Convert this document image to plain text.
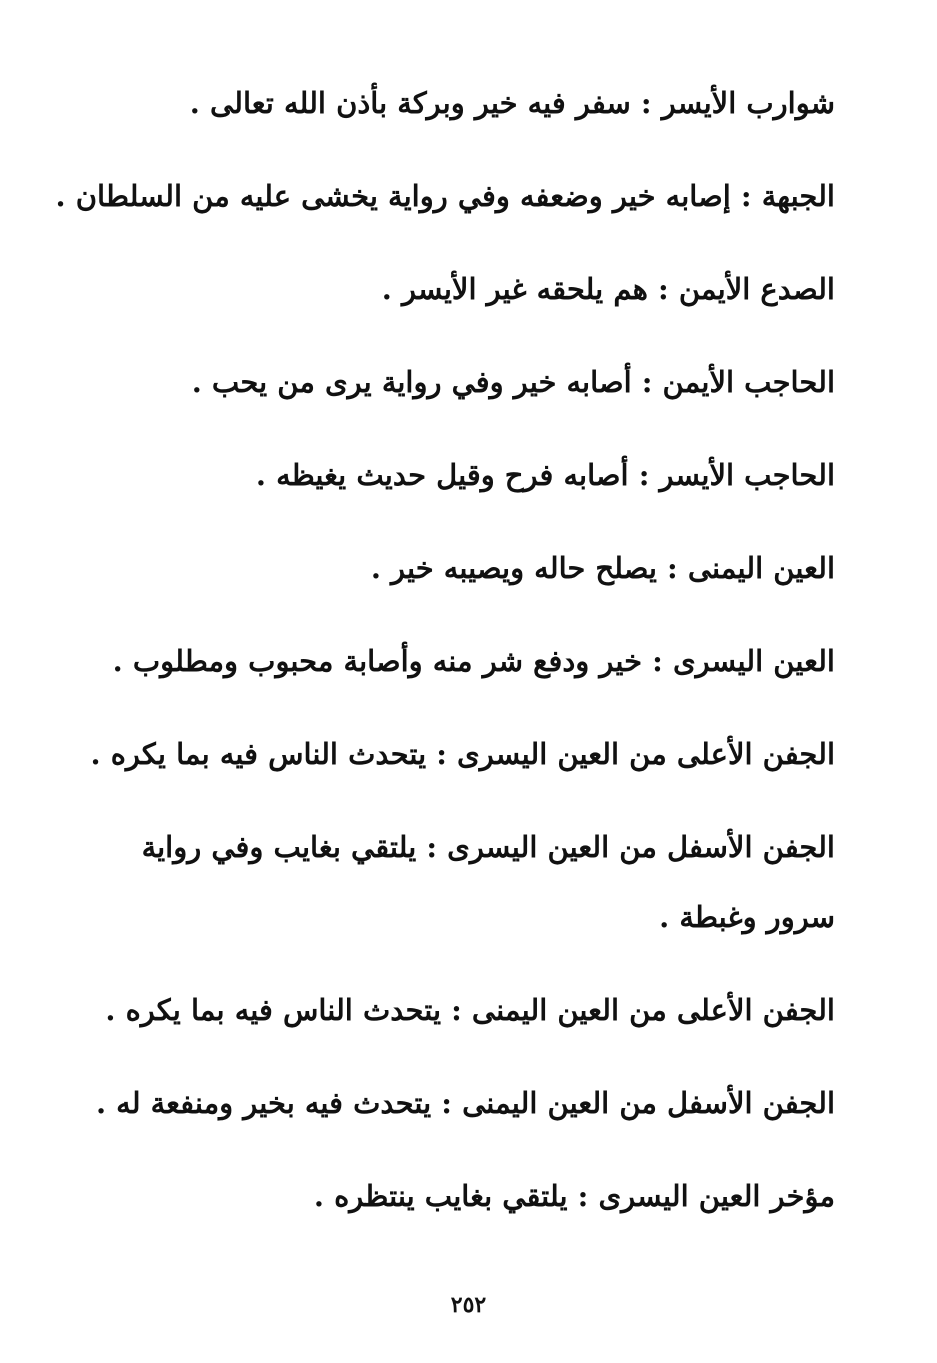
شوارب الأيسر : سفر فيه خير وبركة بأذن الله تعالى .

الجبهة : إصابه خير وضعفه وفي رواية يخشى عليه من السلطان .

الصدع الأيمن : هم يلحقه غير الأيسر .

الحاجب الأيمن : أصابه خير وفي رواية يرى من يحب .

الحاجب الأيسر : أصابه فرح وقيل حديث يغيظه .

العين اليمنى : يصلح حاله ويصيبه خير .

العين اليسرى : خير ودفع شر منه وأصابة محبوب ومطلوب .

الجفن الأعلى من العين اليسرى : يتحدث الناس فيه بما يكره .

الجفن الأسفل من العين اليسرى : يلتقي بغايب وفي رواية سرور وغبطة .

الجفن الأعلى من العين اليمنى : يتحدث الناس فيه بما يكره .

الجفن الأسفل من العين اليمنى : يتحدث فيه بخير ومنفعة له .

مؤخر العين اليسرى : يلتقي بغايب ينتظره .

٢٥٢
